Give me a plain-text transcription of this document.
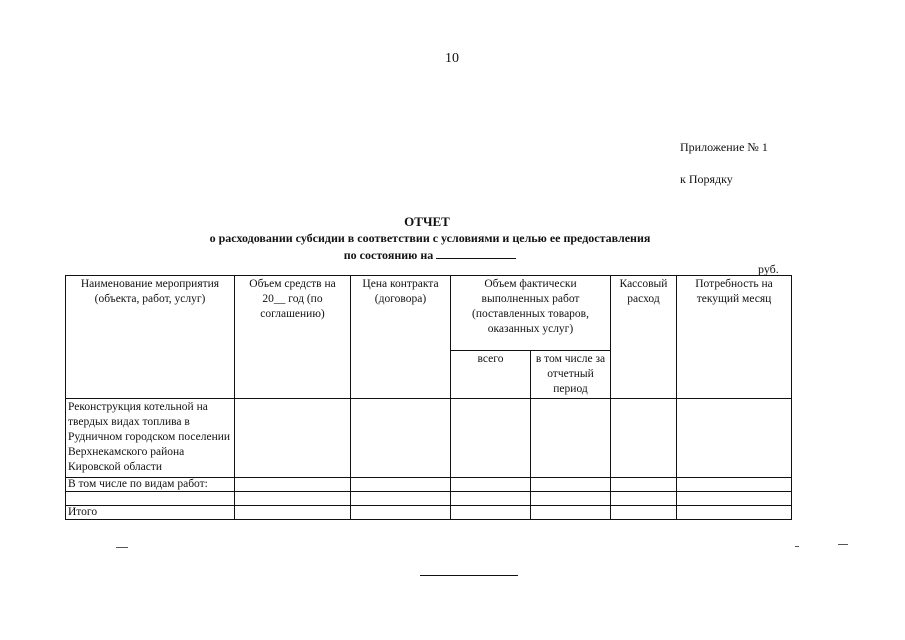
10
Приложение № 1
к Порядку
ОТЧЕТ
о расходовании субсидии в соответствии с условиями и целью ее предоставления
по состоянию на
руб.
Наименование мероприятия (объекта, работ, услуг)	Объем средств на 20__ год (по соглашению)	Цена контракта (договора)	Объем фактически выполненных работ (поставленных товаров, оказанных услуг)		Кассовый расход	Потребность на текущий месяц
			всего	в том числе за отчетный период		
Реконструкция котельной на твердых видах топлива в Рудничном городском поселении Верхнекамского района Кировской области						
В том числе по видам работ:						

Итого						
